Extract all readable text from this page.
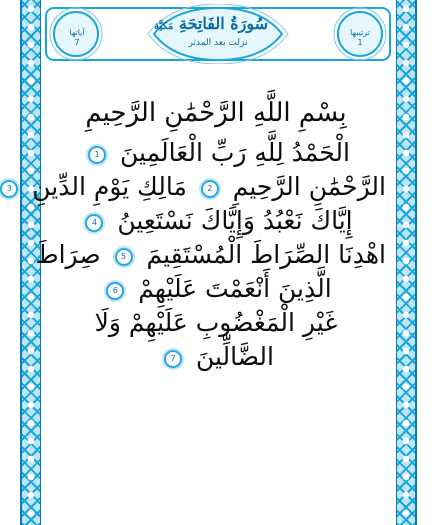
سُورَةُ الفَاتِحَةِ مَكيَّة
نزلت بعد المدثر
ترتيبها
1
آياتها
7
بِسْمِ اللَّهِ الرَّحْمَٰنِ الرَّحِيمِ
الْحَمْدُ لِلَّهِ رَبِّ الْعَالَمِينَ 1
الرَّحْمَٰنِ الرَّحِيمِ 2 مَالِكِ يَوْمِ الدِّينِ 3
إِيَّاكَ نَعْبُدُ وَإِيَّاكَ نَسْتَعِينُ 4
اهْدِنَا الصِّرَاطَ الْمُسْتَقِيمَ 5 صِرَاطَ
الَّذِينَ أَنْعَمْتَ عَلَيْهِمْ 6
غَيْرِ الْمَغْضُوبِ عَلَيْهِمْ وَلَا
الضَّالِّينَ 7
